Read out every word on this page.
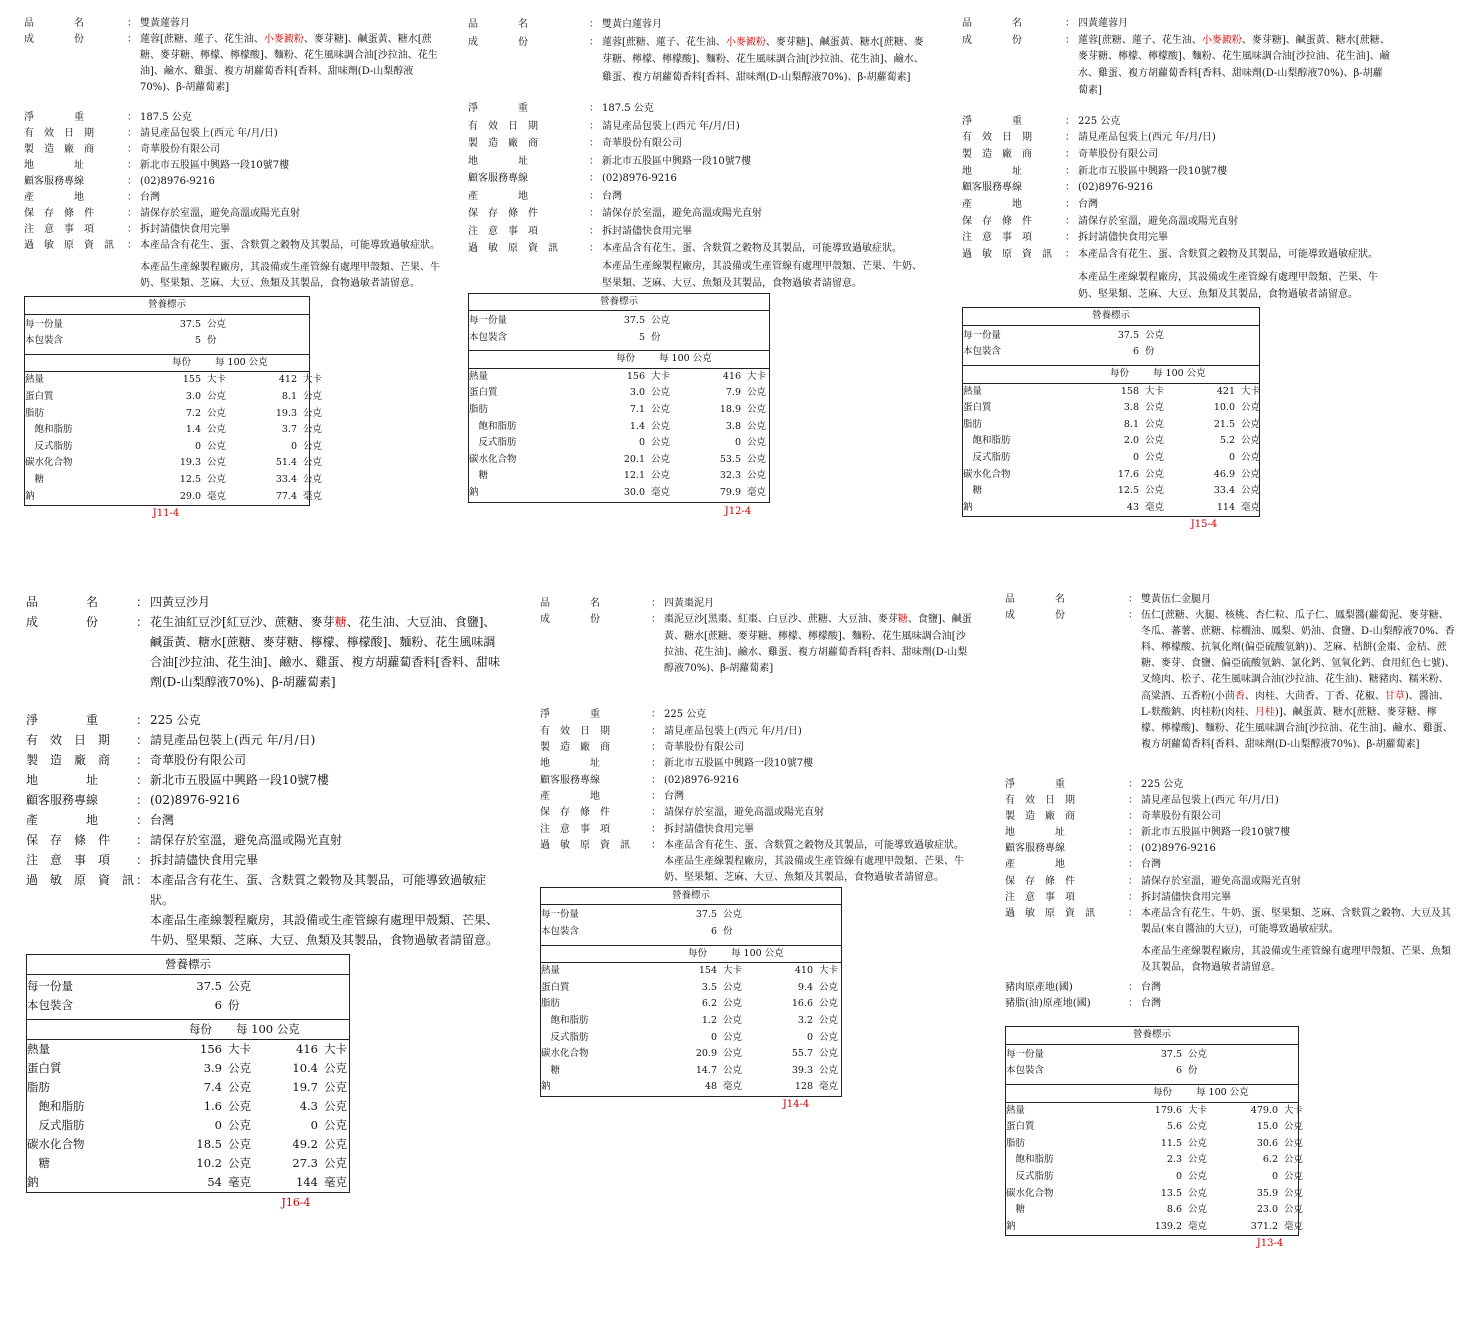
品　　　　名	： 雙黃蓮蓉月
成　　　　份	： 蓮蓉[蔗糖、蓮子、花生油、小麥澱粉、麥芽糖]、鹹蛋黃、糖水[蔗糖、麥芽糖、檸檬、檸檬酸]、麵粉、花生風味調合油[沙拉油、花生油]、鹼水、雞蛋、複方胡蘿蔔香料[香料、甜味劑(D-山梨醇液70%)、β-胡蘿蔔素]
淨　　　　重	： 187.5 公克
有　效　日　期	： 請見產品包裝上(西元 年/月/日)
製　造　廠　商	： 奇華股份有限公司
地　　　　址	： 新北市五股區中興路一段10號7樓
顧客服務專線	： (02)8976-9216
產　　　　地	： 台灣
保　存　條　件	： 請保存於室溫，避免高溫或陽光直射
注　意　事　項	： 拆封請儘快食用完畢
過　敏　原　資　訊	： 本產品含有花生、蛋、含麩質之穀物及其製品，可能導致過敏症狀。
本產品生產線製程廠房，其設備或生產管線有處理甲殼類、芒果、牛奶、堅果類、芝麻、大豆、魚類及其製品，食物過敏者請留意。
營養標示
每一份量	37.5 公克
本包裝含	5 份
每份	每 100 公克
熱量	155 大卡	412 大卡
蛋白質	3.0 公克	8.1 公克
脂肪	7.2 公克	19.3 公克
　飽和脂肪	1.4 公克	3.7 公克
　反式脂肪	0 公克	0 公克
碳水化合物	19.3 公克	51.4 公克
　糖	12.5 公克	33.4 公克
鈉	29.0 毫克	77.4 毫克
J11-4
品　　　　名	： 雙黃白蓮蓉月
成　　　　份	： 蓮蓉[蔗糖、蓮子、花生油、小麥澱粉、麥芽糖]、鹹蛋黃、糖水[蔗糖、麥芽糖、檸檬、檸檬酸]、麵粉、花生風味調合油[沙拉油、花生油]、鹼水、雞蛋、複方胡蘿蔔香料[香料、甜味劑(D-山梨醇液70%)、β-胡蘿蔔素]
淨　　　　重	： 187.5 公克
有　效　日　期	： 請見產品包裝上(西元 年/月/日)
製　造　廠　商	： 奇華股份有限公司
地　　　　址	： 新北市五股區中興路一段10號7樓
顧客服務專線	： (02)8976-9216
產　　　　地	： 台灣
保　存　條　件	： 請保存於室溫，避免高溫或陽光直射
注　意　事　項	： 拆封請儘快食用完畢
過　敏　原　資　訊	： 本產品含有花生、蛋、含麩質之穀物及其製品，可能導致過敏症狀。
本產品生產線製程廠房，其設備或生產管線有處理甲殼類、芒果、牛奶、堅果類、芝麻、大豆、魚類及其製品，食物過敏者請留意。
營養標示
每一份量	37.5 公克
本包裝含	5 份
每份	每 100 公克
熱量	156 大卡	416 大卡
蛋白質	3.0 公克	7.9 公克
脂肪	7.1 公克	18.9 公克
　飽和脂肪	1.4 公克	3.8 公克
　反式脂肪	0 公克	0 公克
碳水化合物	20.1 公克	53.5 公克
　糖	12.1 公克	32.3 公克
鈉	30.0 毫克	79.9 毫克
J12-4
品　　　　名	： 四黃蓮蓉月
成　　　　份	： 蓮蓉[蔗糖、蓮子、花生油、小麥澱粉、麥芽糖]、鹹蛋黃、糖水[蔗糖、麥芽糖、檸檬、檸檬酸]、麵粉、花生風味調合油[沙拉油、花生油]、鹼水、雞蛋、複方胡蘿蔔香料[香料、甜味劑(D-山梨醇液70%)、β-胡蘿蔔素]
淨　　　　重	： 225 公克
有　效　日　期	： 請見產品包裝上(西元 年/月/日)
製　造　廠　商	： 奇華股份有限公司
地　　　　址	： 新北市五股區中興路一段10號7樓
顧客服務專線	： (02)8976-9216
產　　　　地	： 台灣
保　存　條　件	： 請保存於室溫，避免高溫或陽光直射
注　意　事　項	： 拆封請儘快食用完畢
過　敏　原　資　訊	： 本產品含有花生、蛋、含麩質之穀物及其製品，可能導致過敏症狀。
本產品生產線製程廠房，其設備或生產管線有處理甲殼類、芒果、牛奶、堅果類、芝麻、大豆、魚類及其製品，食物過敏者請留意。
營養標示
每一份量	37.5 公克
本包裝含	6 份
每份	每 100 公克
熱量	158 大卡	421 大卡
蛋白質	3.8 公克	10.0 公克
脂肪	8.1 公克	21.5 公克
　飽和脂肪	2.0 公克	5.2 公克
　反式脂肪	0 公克	0 公克
碳水化合物	17.6 公克	46.9 公克
　糖	12.5 公克	33.4 公克
鈉	43 毫克	114 毫克
J15-4
品　　　　名	： 四黃豆沙月
成　　　　份	： 花生油紅豆沙[紅豆沙、蔗糖、麥芽糖、花生油、大豆油、食鹽]、鹹蛋黃、糖水[蔗糖、麥芽糖、檸檬、檸檬酸]、麵粉、花生風味調合油[沙拉油、花生油]、鹼水、雞蛋、複方胡蘿蔔香料[香料、甜味劑(D-山梨醇液70%)、β-胡蘿蔔素]
淨　　　　重	： 225 公克
有　效　日　期	： 請見產品包裝上(西元 年/月/日)
製　造　廠　商	： 奇華股份有限公司
地　　　　址	： 新北市五股區中興路一段10號7樓
顧客服務專線	： (02)8976-9216
產　　　　地	： 台灣
保　存　條　件	： 請保存於室溫，避免高溫或陽光直射
注　意　事　項	： 拆封請儘快食用完畢
過　敏　原　資　訊 ： 本產品含有花生、蛋、含麩質之穀物及其製品，可能導致過敏症狀。
本產品生產線製程廠房，其設備或生產管線有處理甲殼類、芒果、牛奶、堅果類、芝麻、大豆、魚類及其製品，食物過敏者請留意。
營養標示
每一份量	37.5 公克
本包裝含	6 份
每份	每 100 公克
熱量	156 大卡	416 大卡
蛋白質	3.9 公克	10.4 公克
脂肪	7.4 公克	19.7 公克
　飽和脂肪	1.6 公克	4.3 公克
　反式脂肪	0 公克	0 公克
碳水化合物	18.5 公克	49.2 公克
　糖	10.2 公克	27.3 公克
鈉	54 毫克	144 毫克
J16-4
品　　　　名	： 四黃棗泥月
成　　　　份	： 棗泥豆沙[黑棗、紅棗、白豆沙、蔗糖、大豆油、麥芽糖、食鹽]、鹹蛋黃、糖水[蔗糖、麥芽糖、檸檬、檸檬酸]、麵粉、花生風味調合油[沙拉油、花生油]、鹼水、雞蛋、複方胡蘿蔔香料[香料、甜味劑(D-山梨醇液70%)、β-胡蘿蔔素]
淨　　　　重	： 225 公克
有　效　日　期	： 請見產品包裝上(西元 年/月/日)
製　造　廠　商	： 奇華股份有限公司
地　　　　址	： 新北市五股區中興路一段10號7樓
顧客服務專線	： (02)8976-9216
產　　　　地	： 台灣
保　存　條　件	： 請保存於室溫，避免高溫或陽光直射
注　意　事　項	： 拆封請儘快食用完畢
過　敏　原　資　訊	： 本產品含有花生、蛋、含麩質之穀物及其製品，可能導致過敏症狀。
本產品生產線製程廠房，其設備或生產管線有處理甲殼類、芒果、牛奶、堅果類、芝麻、大豆、魚類及其製品，食物過敏者請留意。
營養標示
每一份量	37.5 公克
本包裝含	6 份
每份	每 100 公克
熱量	154 大卡	410 大卡
蛋白質	3.5 公克	9.4 公克
脂肪	6.2 公克	16.6 公克
　飽和脂肪	1.2 公克	3.2 公克
　反式脂肪	0 公克	0 公克
碳水化合物	20.9 公克	55.7 公克
　糖	14.7 公克	39.3 公克
鈉	48 毫克	128 毫克
J14-4
品　　　　名	： 雙黃伍仁金腿月
成　　　　份	： 伍仁[蔗糖、火腿、核桃、杏仁粒、瓜子仁、鳳梨醬(蘿蔔泥、麥芽糖、冬瓜、蕃薯、蔗糖、棕櫚油、鳳梨、奶油、食鹽、D-山梨醇液70%、香料、檸檬酸、抗氧化劑(偏亞硫酸氫鈉))、芝麻、桔餅(金棗、金桔、蔗糖、麥芽、食鹽、偏亞硫酸氫鈉、氯化鈣、氫氧化鈣、食用紅色七號)、叉燒肉、松子、花生風味調合油(沙拉油、花生油)、糖豬肉、糯米粉、高粱酒、五香粉(小茴香、肉桂、大茴香、丁香、花椒、甘草)、醬油、L-麩酸鈉、肉桂粉(肉桂、月桂)]、鹹蛋黃、糖水[蔗糖、麥芽糖、檸檬、檸檬酸]、麵粉、花生風味調合油[沙拉油、花生油]、鹼水、雞蛋、複方胡蘿蔔香料[香料、甜味劑(D-山梨醇液70%)、β-胡蘿蔔素]
淨　　　　重	： 225 公克
有　效　日　期	： 請見產品包裝上(西元 年/月/日)
製　造　廠　商	： 奇華股份有限公司
地　　　　址	： 新北市五股區中興路一段10號7樓
顧客服務專線	： (02)8976-9216
產　　　　地	： 台灣
保　存　條　件	： 請保存於室溫，避免高溫或陽光直射
注　意　事　項	： 拆封請儘快食用完畢
過　敏　原　資　訊	： 本產品含有花生、牛奶、蛋、堅果類、芝麻、含麩質之穀物、大豆及其製品(來自醬油的大豆)，可能導致過敏症狀。
本產品生產線製程廠房，其設備或生產管線有處理甲殼類、芒果、魚類及其製品，食物過敏者請留意。
豬肉原產地(國)	： 台灣
豬脂(油)原產地(國)	： 台灣
營養標示
每一份量	37.5 公克
本包裝含	6 份
每份	每 100 公克
熱量	179.6 大卡	479.0 大卡
蛋白質	5.6 公克	15.0 公克
脂肪	11.5 公克	30.6 公克
　飽和脂肪	2.3 公克	6.2 公克
　反式脂肪	0 公克	0 公克
碳水化合物	13.5 公克	35.9 公克
　糖	8.6 公克	23.0 公克
鈉	139.2 毫克	371.2 毫克
J13-4
